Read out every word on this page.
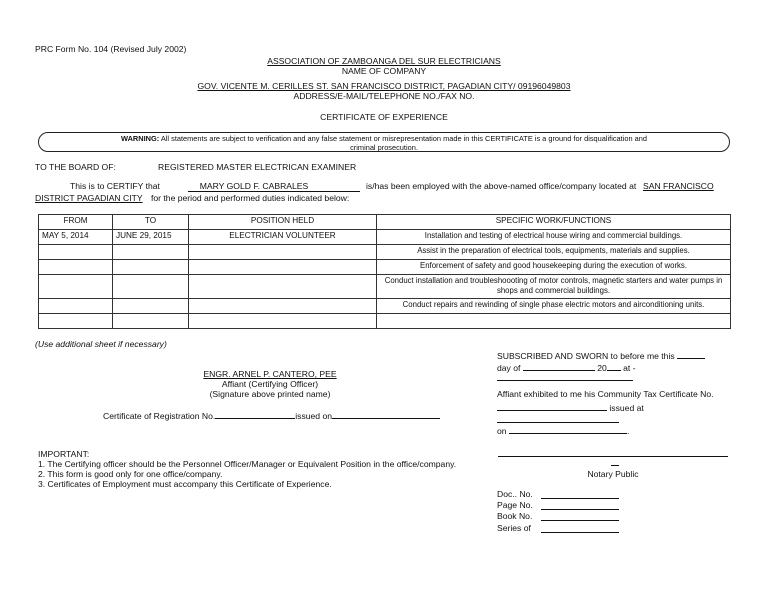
PRC Form No. 104 (Revised July 2002)
ASSOCIATION OF ZAMBOANGA DEL SUR ELECTRICIANS
NAME OF COMPANY
GOV. VICENTE M. CERILLES ST. SAN FRANCISCO DISTRICT, PAGADIAN CITY/ 09196049803
ADDRESS/E-MAIL/TELEPHONE NO./FAX NO.
CERTIFICATE OF EXPERIENCE
WARNING: All statements are subject to verification and any false statement or misrepresentation made in this CERTIFICATE is a ground for disqualification and
criminal prosecution.
TO THE BOARD OF:	REGISTERED MASTER ELECTRICAN EXAMINER
This is to CERTIFY that	MARY GOLD F. CABRALES	is/has been employed with the above-named office/company located at SAN FRANCISCO
DISTRICT PAGADIAN CITY for the period and performed duties indicated below:
FROM	TO	POSITION HELD	SPECIFIC WORK/FUNCTIONS
MAY 5, 2014	JUNE 29, 2015	ELECTRICIAN VOLUNTEER	Installation and testing of electrical house wiring and commercial buildings.
			Assist in the preparation of electrical tools, equipments, materials and supplies.
			Enforcement of safety and good housekeeping during the execution of works.
			Conduct installation and troubleshoooting of motor controls, magnetic starters and water pumps in shops and commercial buildings.
			Conduct repairs and rewinding of single phase electric motors and airconditioning units.

(Use additional sheet if necessary)
ENGR. ARNEL P. CANTERO, PEE
Affiant (Certifying Officer)
(Signature above printed name)
Certificate of Registration No.	issued on
IMPORTANT:
1. The Certifying officer should be the Personnel Officer/Manager or Equivalent Position in the office/company.
2. This form is good only for one office/company.
3. Certificates of Employment must accompany this Certificate of Experience.
SUBSCRIBED AND SWORN to before me this
day of	20 at -
Affiant exhibited to me his Community Tax Certificate No.
issued at
on	.
Notary Public
Doc.. No.
Page No.
Book No.
Series of
